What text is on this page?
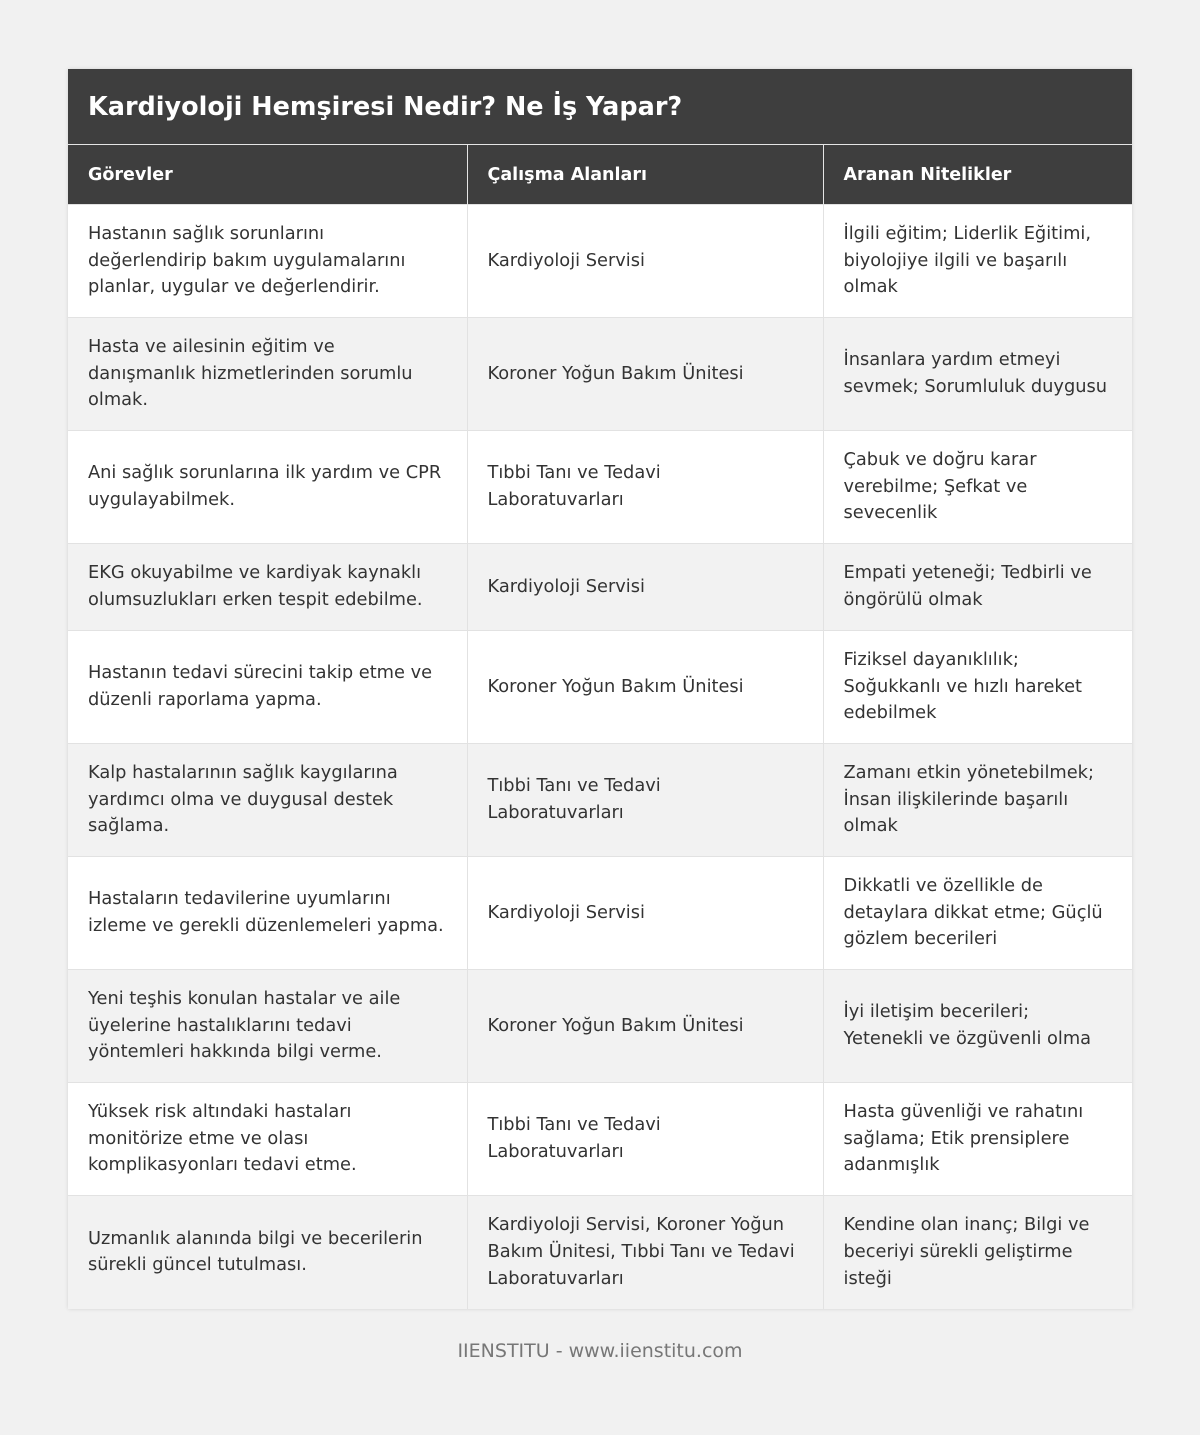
Kardiyoloji Hemşiresi Nedir? Ne İş Yapar?
Görevler	Çalışma Alanları	Aranan Nitelikler
Hastanın sağlık sorunlarını değerlendirip bakım uygulamalarını planlar, uygular ve değerlendirir.	Kardiyoloji Servisi	İlgili eğitim; Liderlik Eğitimi, biyolojiye ilgili ve başarılı olmak
Hasta ve ailesinin eğitim ve danışmanlık hizmetlerinden sorumlu olmak.	Koroner Yoğun Bakım Ünitesi	İnsanlara yardım etmeyi sevmek; Sorumluluk duygusu
Ani sağlık sorunlarına ilk yardım ve CPR uygulayabilmek.	Tıbbi Tanı ve Tedavi Laboratuvarları	Çabuk ve doğru karar verebilme; Şefkat ve sevecenlik
EKG okuyabilme ve kardiyak kaynaklı olumsuzlukları erken tespit edebilme.	Kardiyoloji Servisi	Empati yeteneği; Tedbirli ve öngörülü olmak
Hastanın tedavi sürecini takip etme ve düzenli raporlama yapma.	Koroner Yoğun Bakım Ünitesi	Fiziksel dayanıklılık; Soğukkanlı ve hızlı hareket edebilmek
Kalp hastalarının sağlık kaygılarına yardımcı olma ve duygusal destek sağlama.	Tıbbi Tanı ve Tedavi Laboratuvarları	Zamanı etkin yönetebilmek; İnsan ilişkilerinde başarılı olmak
Hastaların tedavilerine uyumlarını izleme ve gerekli düzenlemeleri yapma.	Kardiyoloji Servisi	Dikkatli ve özellikle de detaylara dikkat etme; Güçlü gözlem becerileri
Yeni teşhis konulan hastalar ve aile üyelerine hastalıklarını tedavi yöntemleri hakkında bilgi verme.	Koroner Yoğun Bakım Ünitesi	İyi iletişim becerileri; Yetenekli ve özgüvenli olma
Yüksek risk altındaki hastaları monitörize etme ve olası komplikasyonları tedavi etme.	Tıbbi Tanı ve Tedavi Laboratuvarları	Hasta güvenliği ve rahatını sağlama; Etik prensiplere adanmışlık
Uzmanlık alanında bilgi ve becerilerin sürekli güncel tutulması.	Kardiyoloji Servisi, Koroner Yoğun Bakım Ünitesi, Tıbbi Tanı ve Tedavi Laboratuvarları	Kendine olan inanç; Bilgi ve beceriyi sürekli geliştirme isteği
IIENSTITU - www.iienstitu.com
